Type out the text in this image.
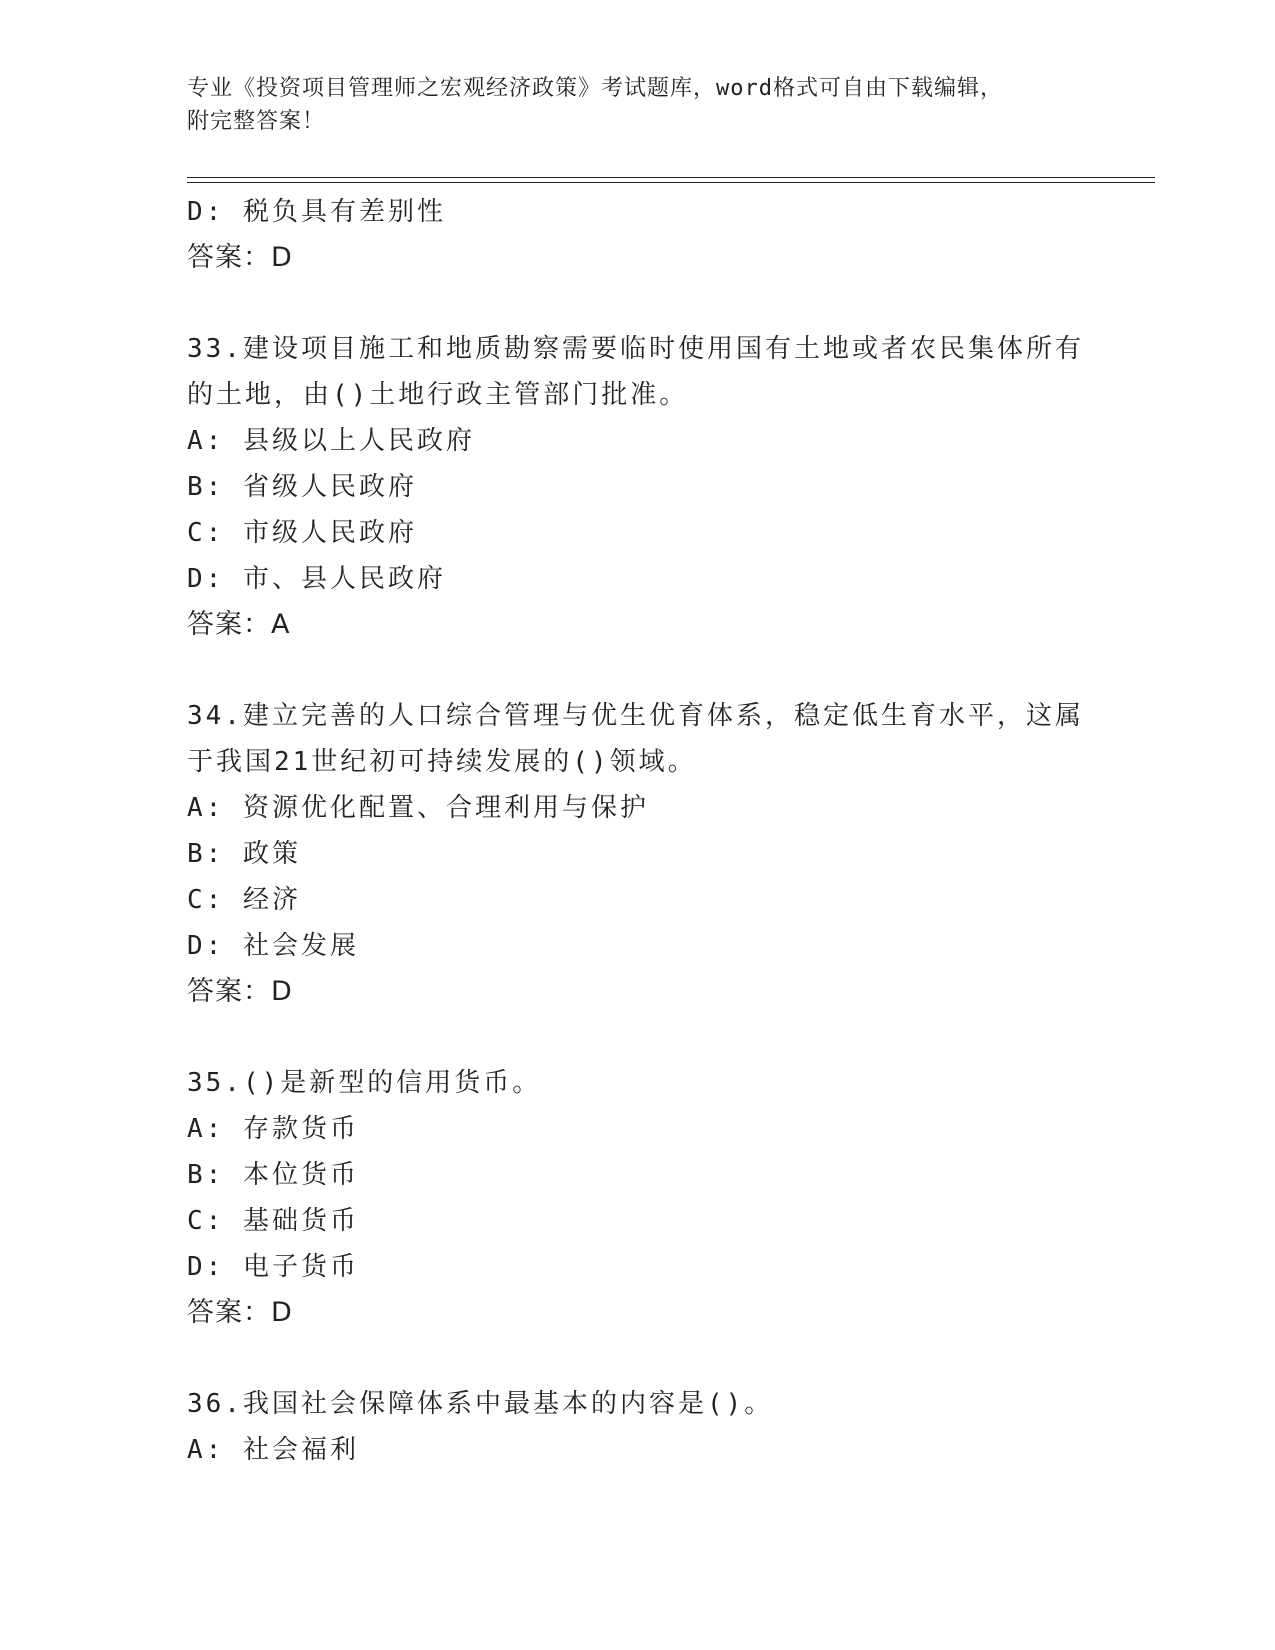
专业《投资项目管理师之宏观经济政策》考试题库，word格式可自由下载编辑，
附完整答案！
D: 税负具有差别性
答案：D
33.建设项目施工和地质勘察需要临时使用国有土地或者农民集体所有
的土地，由()土地行政主管部门批准。
A: 县级以上人民政府
B: 省级人民政府
C: 市级人民政府
D: 市、县人民政府
答案：A
34.建立完善的人口综合管理与优生优育体系，稳定低生育水平，这属
于我国21世纪初可持续发展的()领域。
A: 资源优化配置、合理利用与保护
B: 政策
C: 经济
D: 社会发展
答案：D
35.()是新型的信用货币。
A: 存款货币
B: 本位货币
C: 基础货币
D: 电子货币
答案：D
36.我国社会保障体系中最基本的内容是()。
A: 社会福利
